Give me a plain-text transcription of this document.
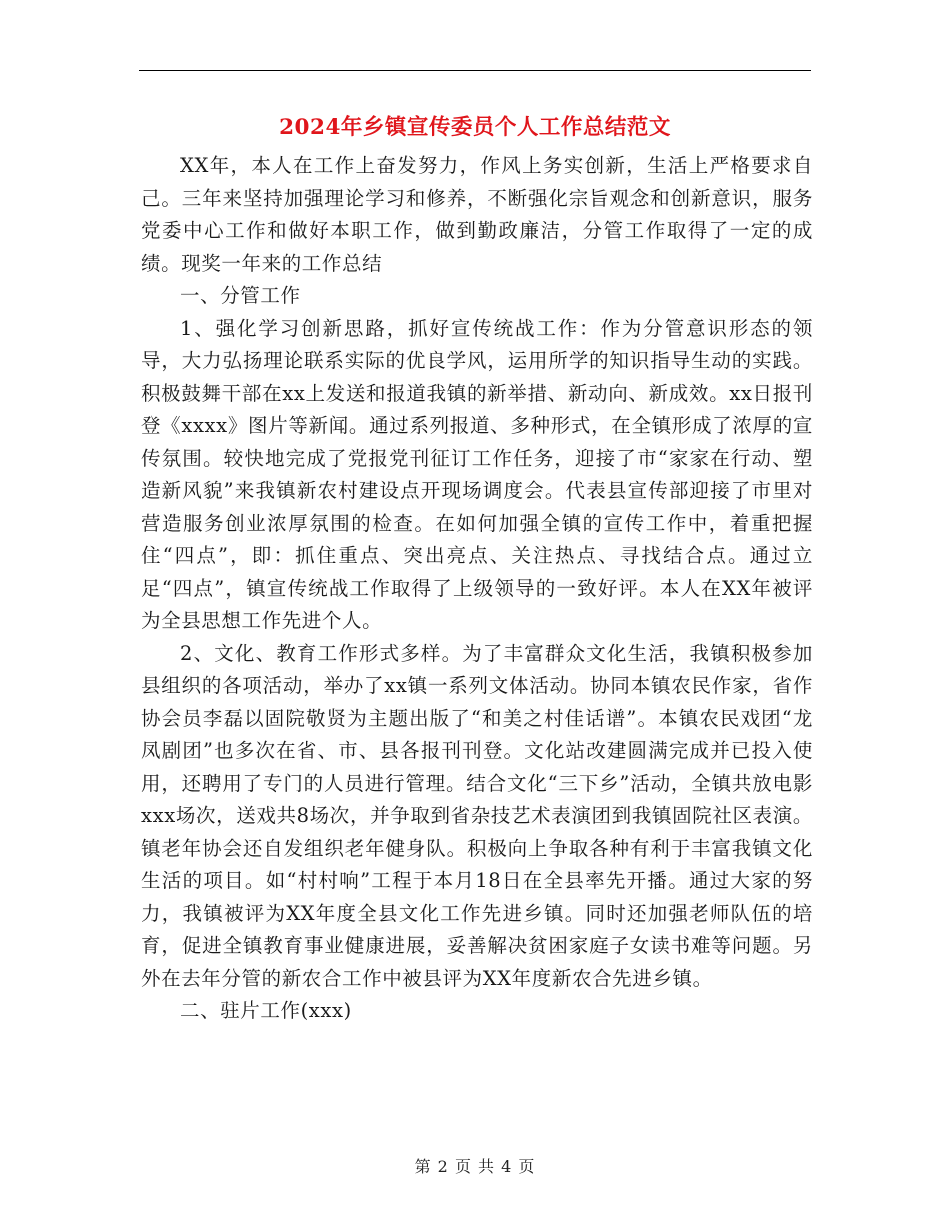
2024年乡镇宣传委员个人工作总结范文

XX年，本人在工作上奋发努力，作风上务实创新，生活上严格要求自己。三年来坚持加强理论学习和修养，不断强化宗旨观念和创新意识，服务党委中心工作和做好本职工作，做到勤政廉洁，分管工作取得了一定的成绩。现奖一年来的工作总结

一、分管工作

1、强化学习创新思路，抓好宣传统战工作：作为分管意识形态的领导，大力弘扬理论联系实际的优良学风，运用所学的知识指导生动的实践。积极鼓舞干部在xx上发送和报道我镇的新举措、新动向、新成效。xx日报刊登《xxxx》图片等新闻。通过系列报道、多种形式，在全镇形成了浓厚的宣传氛围。较快地完成了党报党刊征订工作任务，迎接了市“家家在行动、塑造新风貌”来我镇新农村建设点开现场调度会。代表县宣传部迎接了市里对营造服务创业浓厚氛围的检查。在如何加强全镇的宣传工作中，着重把握住“四点”，即：抓住重点、突出亮点、关注热点、寻找结合点。通过立足“四点”，镇宣传统战工作取得了上级领导的一致好评。本人在XX年被评为全县思想工作先进个人。

2、文化、教育工作形式多样。为了丰富群众文化生活，我镇积极参加县组织的各项活动，举办了xx镇一系列文体活动。协同本镇农民作家，省作协会员李磊以固院敬贤为主题出版了“和美之村佳话谱”。本镇农民戏团“龙凤剧团”也多次在省、市、县各报刊刊登。文化站改建圆满完成并已投入使用，还聘用了专门的人员进行管理。结合文化“三下乡”活动，全镇共放电影xxx场次，送戏共8场次，并争取到省杂技艺术表演团到我镇固院社区表演。镇老年协会还自发组织老年健身队。积极向上争取各种有利于丰富我镇文化生活的项目。如“村村响”工程于本月18日在全县率先开播。通过大家的努力，我镇被评为XX年度全县文化工作先进乡镇。同时还加强老师队伍的培育，促进全镇教育事业健康进展，妥善解决贫困家庭子女读书难等问题。另外在去年分管的新农合工作中被县评为XX年度新农合先进乡镇。

二、驻片工作(xxx)

第 2 页 共 4 页
